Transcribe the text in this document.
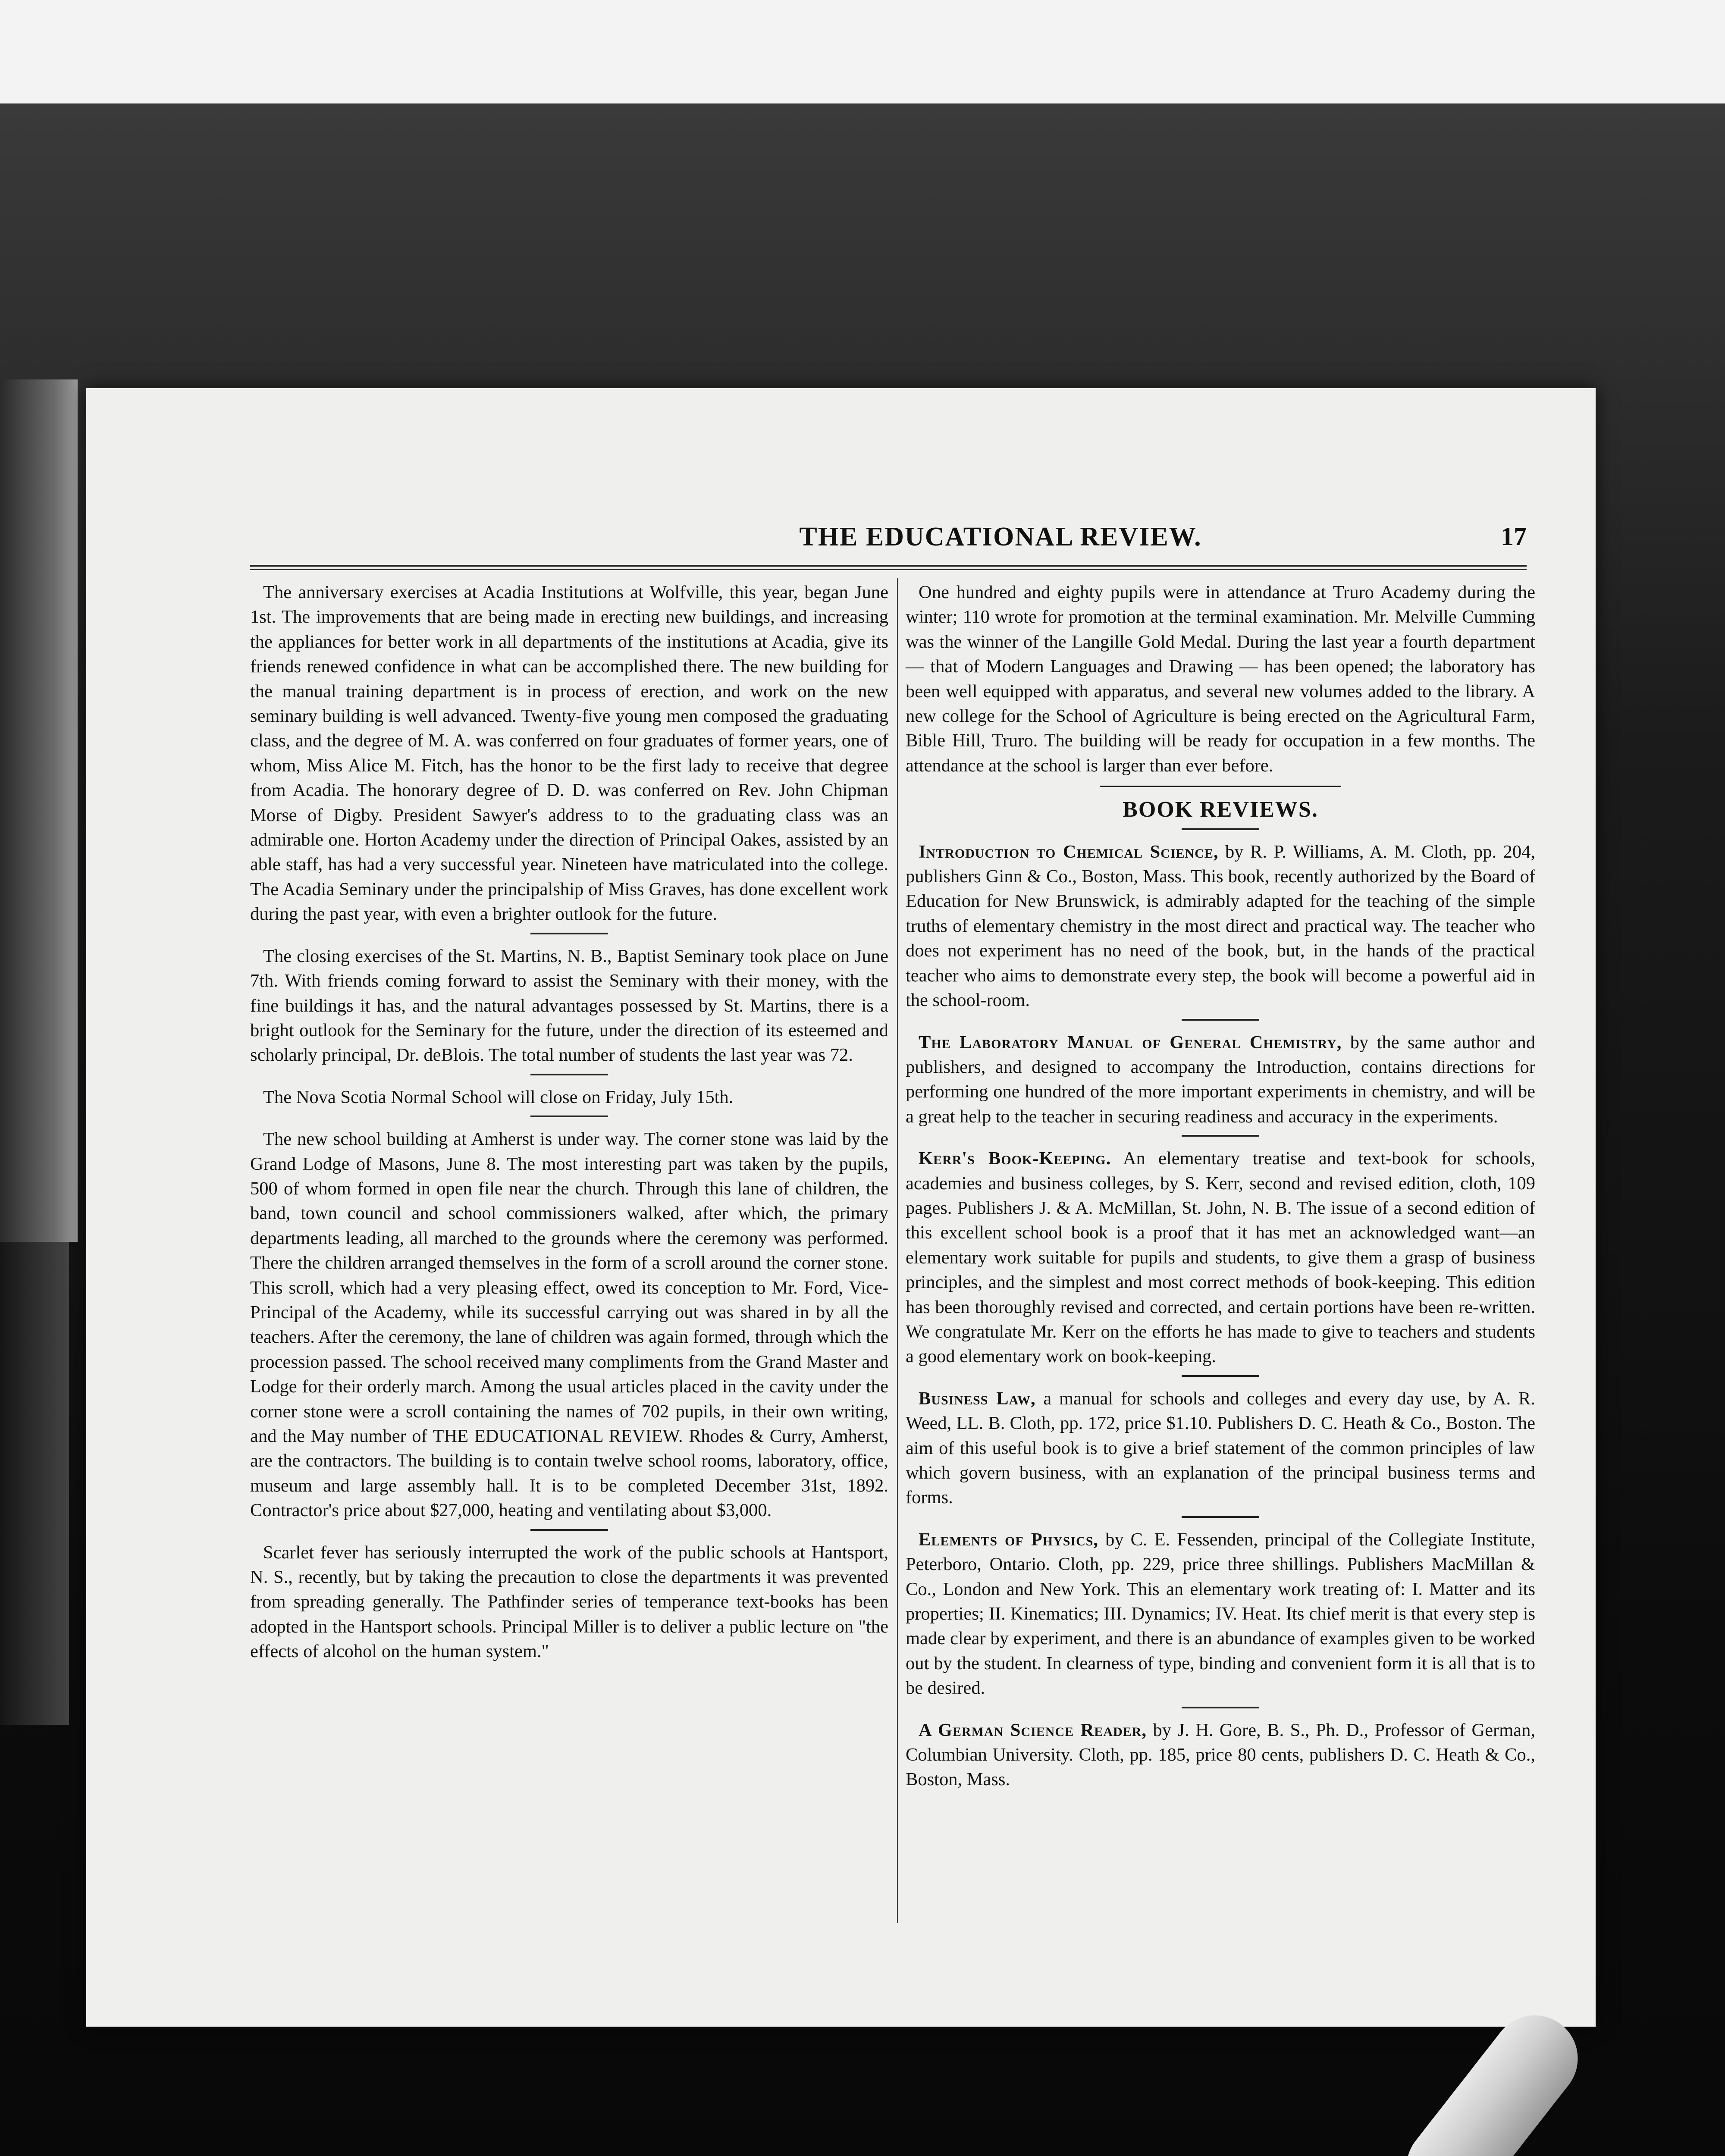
THE EDUCATIONAL REVIEW.	17

The anniversary exercises at Acadia Institutions at Wolfville, this year, began June 1st. The improvements that are being made in erecting new buildings, and increasing the appliances for better work in all departments of the institutions at Acadia, give its friends renewed confidence in what can be accomplished there. The new building for the manual training department is in process of erection, and work on the new seminary building is well advanced. Twenty-five young men composed the graduating class, and the degree of M. A. was conferred on four graduates of former years, one of whom, Miss Alice M. Fitch, has the honor to be the first lady to receive that degree from Acadia. The honorary degree of D. D. was conferred on Rev. John Chipman Morse of Digby. President Sawyer's address to to the graduating class was an admirable one. Horton Academy under the direction of Principal Oakes, assisted by an able staff, has had a very successful year. Nineteen have matriculated into the college. The Acadia Seminary under the principalship of Miss Graves, has done excellent work during the past year, with even a brighter outlook for the future.

The closing exercises of the St. Martins, N. B., Baptist Seminary took place on June 7th. With friends coming forward to assist the Seminary with their money, with the fine buildings it has, and the natural advantages possessed by St. Martins, there is a bright outlook for the Seminary for the future, under the direction of its esteemed and scholarly principal, Dr. deBlois. The total number of students the last year was 72.

The Nova Scotia Normal School will close on Friday, July 15th.

The new school building at Amherst is under way. The corner stone was laid by the Grand Lodge of Masons, June 8. The most interesting part was taken by the pupils, 500 of whom formed in open file near the church. Through this lane of children, the band, town council and school commissioners walked, after which, the primary departments leading, all marched to the grounds where the ceremony was performed. There the children arranged themselves in the form of a scroll around the corner stone. This scroll, which had a very pleasing effect, owed its conception to Mr. Ford, Vice-Principal of the Academy, while its successful carrying out was shared in by all the teachers. After the ceremony, the lane of children was again formed, through which the procession passed. The school received many compliments from the Grand Master and Lodge for their orderly march. Among the usual articles placed in the cavity under the corner stone were a scroll containing the names of 702 pupils, in their own writing, and the May number of THE EDUCATIONAL REVIEW. Rhodes & Curry, Amherst, are the contractors. The building is to contain twelve school rooms, laboratory, office, museum and large assembly hall. It is to be completed December 31st, 1892. Contractor's price about $27,000, heating and ventilating about $3,000.

Scarlet fever has seriously interrupted the work of the public schools at Hantsport, N. S., recently, but by taking the precaution to close the departments it was prevented from spreading generally. The Pathfinder series of temperance text-books has been adopted in the Hantsport schools. Principal Miller is to deliver a public lecture on "the effects of alcohol on the human system."

One hundred and eighty pupils were in attendance at Truro Academy during the winter; 110 wrote for promotion at the terminal examination. Mr. Melville Cumming was the winner of the Langille Gold Medal. During the last year a fourth department — that of Modern Languages and Drawing — has been opened; the laboratory has been well equipped with apparatus, and several new volumes added to the library. A new college for the School of Agriculture is being erected on the Agricultural Farm, Bible Hill, Truro. The building will be ready for occupation in a few months. The attendance at the school is larger than ever before.

BOOK REVIEWS.

Introduction to Chemical Science, by R. P. Williams, A. M. Cloth, pp. 204, publishers Ginn & Co., Boston, Mass. This book, recently authorized by the Board of Education for New Brunswick, is admirably adapted for the teaching of the simple truths of elementary chemistry in the most direct and practical way. The teacher who does not experiment has no need of the book, but, in the hands of the practical teacher who aims to demonstrate every step, the book will become a powerful aid in the school-room.

The Laboratory Manual of General Chemistry, by the same author and publishers, and designed to accompany the Introduction, contains directions for performing one hundred of the more important experiments in chemistry, and will be a great help to the teacher in securing readiness and accuracy in the experiments.

Kerr's Book-Keeping. An elementary treatise and text-book for schools, academies and business colleges, by S. Kerr, second and revised edition, cloth, 109 pages. Publishers J. & A. McMillan, St. John, N. B. The issue of a second edition of this excellent school book is a proof that it has met an acknowledged want—an elementary work suitable for pupils and students, to give them a grasp of business principles, and the simplest and most correct methods of book-keeping. This edition has been thoroughly revised and corrected, and certain portions have been re-written. We congratulate Mr. Kerr on the efforts he has made to give to teachers and students a good elementary work on book-keeping.

Business Law, a manual for schools and colleges and every day use, by A. R. Weed, LL. B. Cloth, pp. 172, price $1.10. Publishers D. C. Heath & Co., Boston. The aim of this useful book is to give a brief statement of the common principles of law which govern business, with an explanation of the principal business terms and forms.

Elements of Physics, by C. E. Fessenden, principal of the Collegiate Institute, Peterboro, Ontario. Cloth, pp. 229, price three shillings. Publishers MacMillan & Co., London and New York. This an elementary work treating of: I. Matter and its properties; II. Kinematics; III. Dynamics; IV. Heat. Its chief merit is that every step is made clear by experiment, and there is an abundance of examples given to be worked out by the student. In clearness of type, binding and convenient form it is all that is to be desired.

A German Science Reader, by J. H. Gore, B. S., Ph. D., Professor of German, Columbian University. Cloth, pp. 185, price 80 cents, publishers D. C. Heath & Co., Boston, Mass.
